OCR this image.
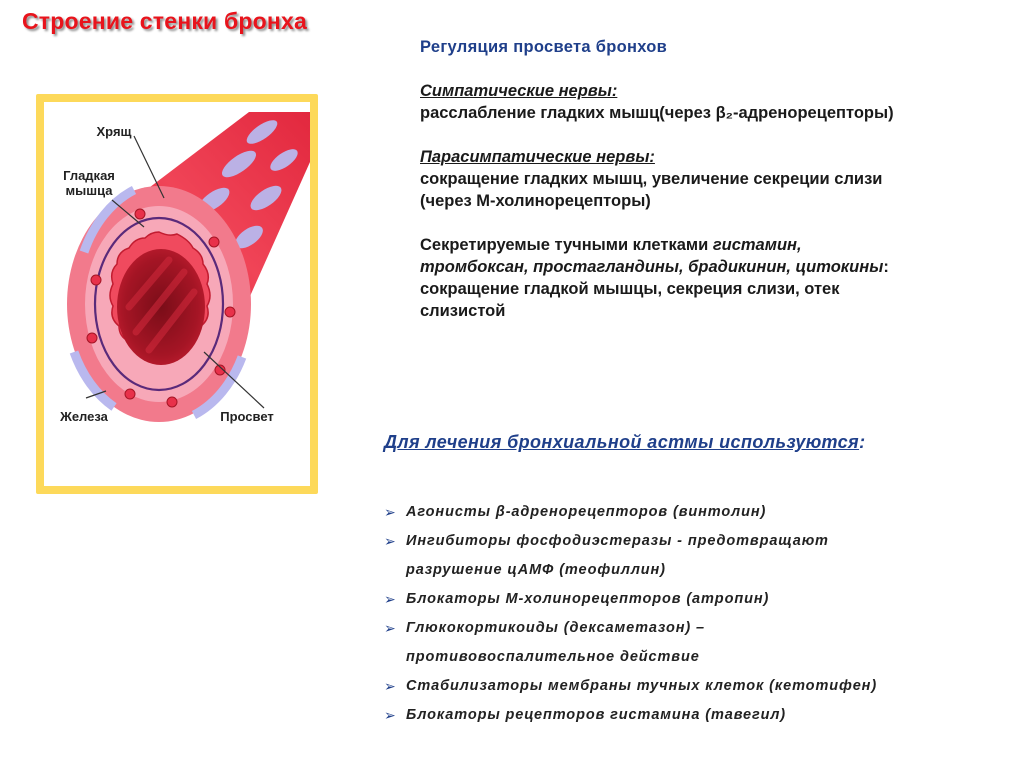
Строение стенки бронха
Хрящ
Гладкая мышца
Железа	Просвет
Регуляция просвета бронхов
Симпатические нервы:
расслабление гладких мышц(через β₂-адренорецепторы)
Парасимпатические нервы:
сокращение гладких мышц, увеличение секреции слизи
(через М-холинорецепторы)
Секретируемые тучными клетками гистамин,
тромбоксан, простагландины, брадикинин, цитокины:
сокращение гладкой мышцы, секреция слизи, отек
слизистой
Для лечения бронхиальной астмы используются:
➢ Агонисты β-адренорецепторов (винтолин)
➢ Ингибиторы фосфодиэстеразы - предотвращают
разрушение цАМФ (теофиллин)
➢ Блокаторы М-холинорецепторов (атропин)
➢ Глюкокортикоиды (дексаметазон) –
противовоспалительное действие
➢ Стабилизаторы мембраны тучных клеток (кетотифен)
➢ Блокаторы рецепторов гистамина (тавегил)
